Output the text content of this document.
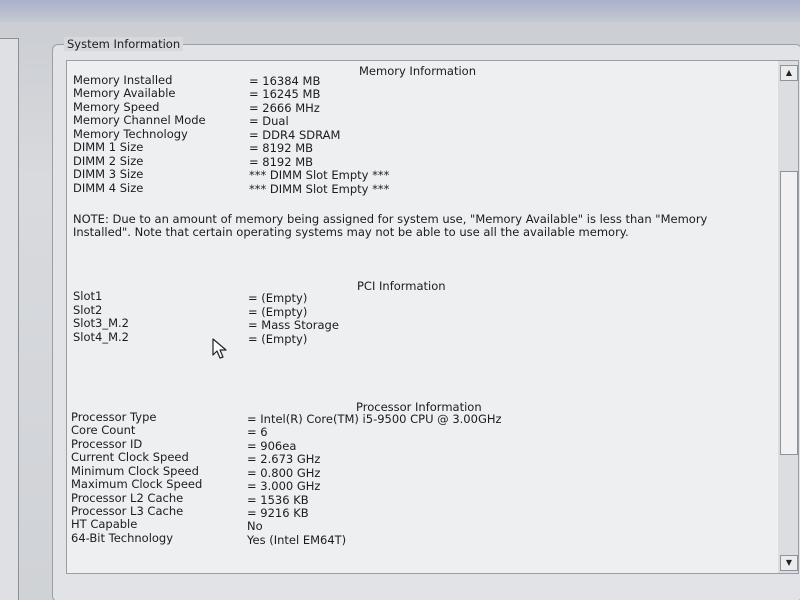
System Information
Memory Information
Memory Installed	= 16384 MB
Memory Available	= 16245 MB
Memory Speed	= 2666 MHz
Memory Channel Mode	= Dual
Memory Technology	= DDR4 SDRAM
DIMM 1 Size	= 8192 MB
DIMM 2 Size	= 8192 MB
DIMM 3 Size	*** DIMM Slot Empty ***
DIMM 4 Size	*** DIMM Slot Empty ***
NOTE: Due to an amount of memory being assigned for system use, "Memory Available" is less than "Memory Installed". Note that certain operating systems may not be able to use all the available memory.
PCI Information
Slot1	= (Empty)
Slot2	= (Empty)
Slot3_M.2	= Mass Storage
Slot4_M.2	= (Empty)
Processor Information
Processor Type	= Intel(R) Core(TM) i5-9500 CPU @ 3.00GHz
Core Count	= 6
Processor ID	= 906ea
Current Clock Speed	= 2.673 GHz
Minimum Clock Speed	= 0.800 GHz
Maximum Clock Speed	= 3.000 GHz
Processor L2 Cache	= 1536 KB
Processor L3 Cache	= 9216 KB
HT Capable	No
64-Bit Technology	Yes (Intel EM64T)
▲
▼
